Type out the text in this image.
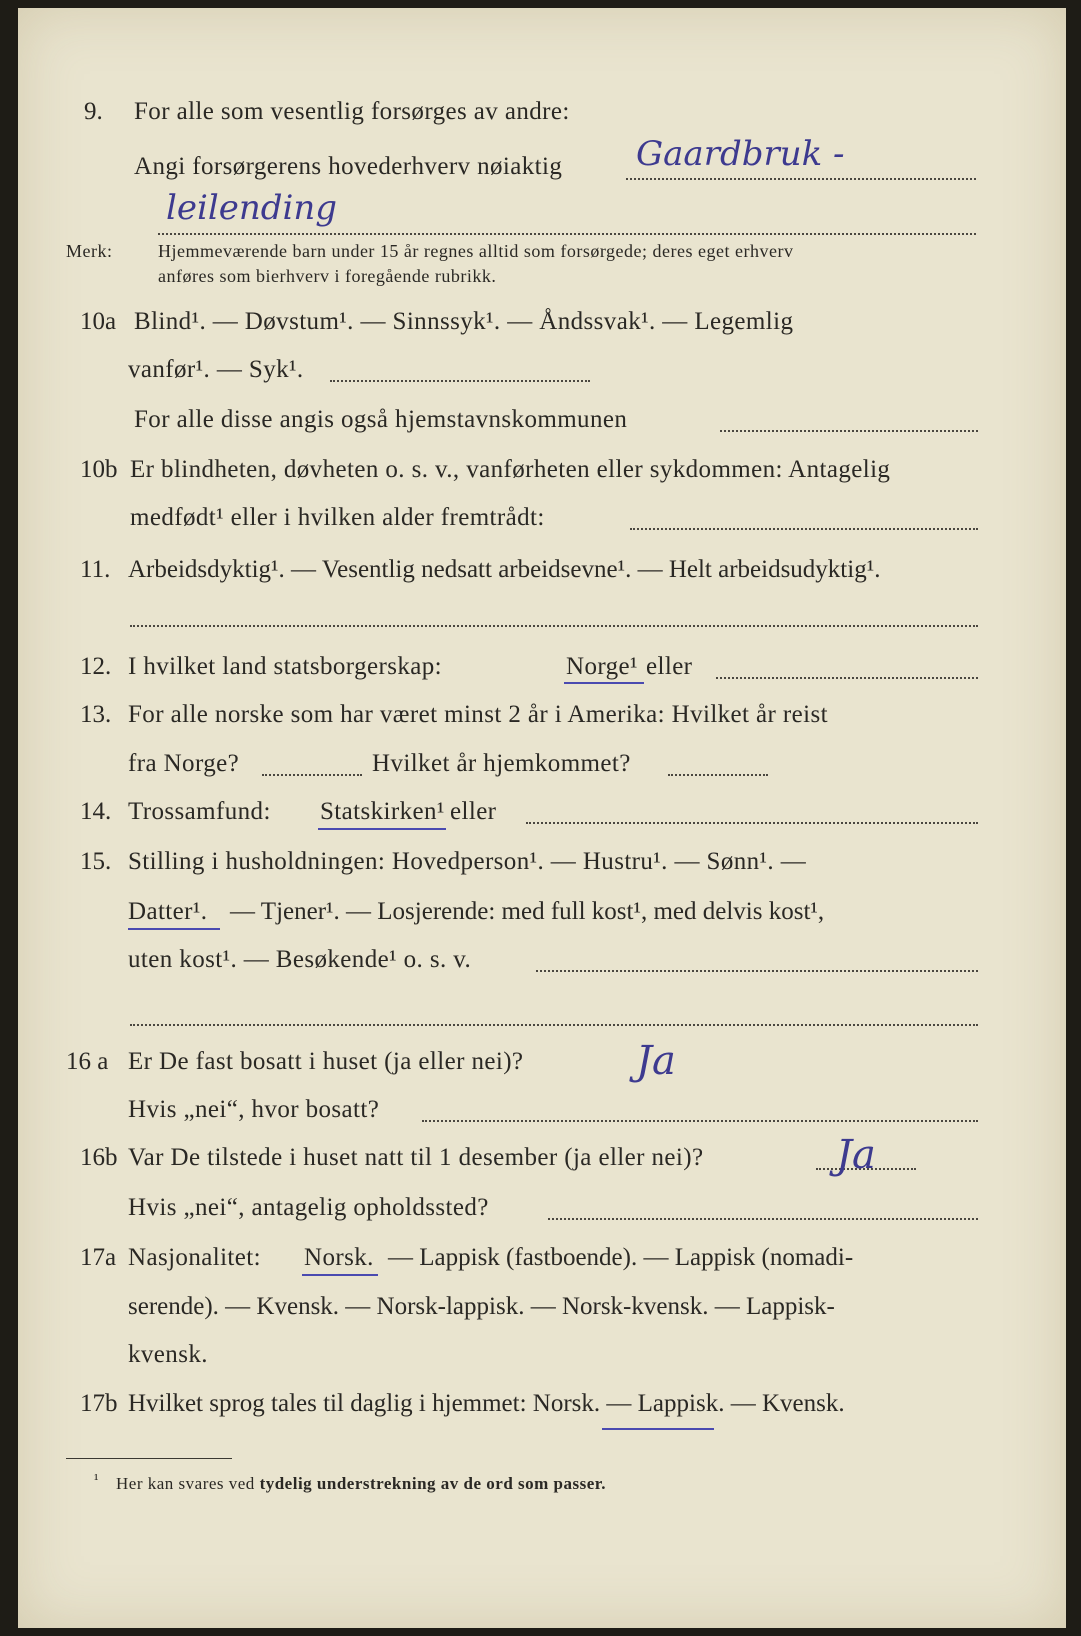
9. For alle som vesentlig forsørges av andre:
Angi forsørgerens hovederhverv nøiaktig Gaardbruk -
leilending
Merk:	Hjemmeværende barn under 15 år regnes alltid som forsørgede; deres eget erhverv
anføres som bierhverv i foregående rubrikk.
10a Blind¹. — Døvstum¹. — Sinnssyk¹. — Åndssvak¹. — Legemlig
vanfør¹. — Syk¹.
For alle disse angis også hjemstavnskommunen
10b Er blindheten, døvheten o. s. v., vanførheten eller sykdommen: Antagelig
medfødt¹ eller i hvilken alder fremtrådt:
11. Arbeidsdyktig¹. — Vesentlig nedsatt arbeidsevne¹. — Helt arbeidsudyktig¹.
12. I hvilket land statsborgerskap:	Norge¹ eller
13. For alle norske som har været minst 2 år i Amerika: Hvilket år reist
fra Norge?	Hvilket år hjemkommet?
14. Trossamfund: Statskirken¹ eller
15. Stilling i husholdningen: Hovedperson¹. — Hustru¹. — Sønn¹. —
Datter¹. — Tjener¹. — Losjerende: med full kost¹, med delvis kost¹,
uten kost¹. — Besøkende¹ o. s. v.
16 a Er De fast bosatt i huset (ja eller nei)?	Ja
Hvis „nei“, hvor bosatt?
16b Var De tilstede i huset natt til 1 desember (ja eller nei)?	Ja
Hvis „nei“, antagelig opholdssted?
17a Nasjonalitet: Norsk. — Lappisk (fastboende). — Lappisk (nomadi-
serende). — Kvensk. — Norsk-lappisk. — Norsk-kvensk. — Lappisk-
kvensk.
17b Hvilket sprog tales til daglig i hjemmet: Norsk. — Lappisk. — Kvensk.
¹ Her kan svares ved tydelig understrekning av de ord som passer.
